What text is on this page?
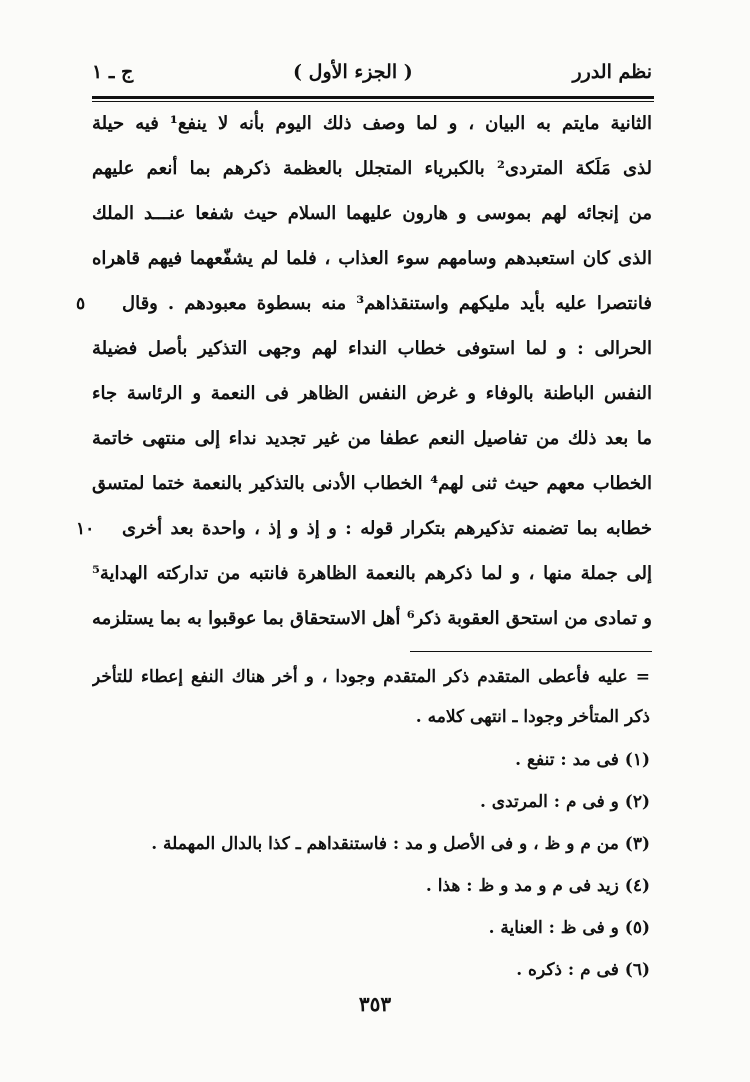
نظم الدرر
( الجزء الأول )
ج ـ ١
الثانية مايتم به البيان ، و لما وصف ذلك اليوم بأنه لا ينفع¹ فيه حيلة
لذى مَلَكة المتردى² بالكبرياء المتجلل بالعظمة ذكرهم بما أنعم عليهم
من إنجائه لهم بموسى و هارون عليهما السلام حيث شفعا عنـــد الملك
الذى كان استعبدهم وسامهم سوء العذاب ، فلما لم يشفّعهما فيهم قاهراه
فانتصرا عليه بأيد مليكهم واستنقذاهم³ منه بسطوة معبودهم . وقال
٥
الحرالى : و لما استوفى خطاب النداء لهم وجهى التذكير بأصل فضيلة
النفس الباطنة بالوفاء و غرض النفس الظاهر فى النعمة و الرئاسة جاء
ما بعد ذلك من تفاصيل النعم عطفا من غير تجديد نداء إلى منتهى خاتمة
الخطاب معهم حيث ثنى لهم⁴ الخطاب الأدنى بالتذكير بالنعمة ختما لمتسق
خطابه بما تضمنه تذكيرهم بتكرار قوله : و إذ و إذ ، واحدة بعد أخرى
١٠
إلى جملة منها ، و لما ذكرهم بالنعمة الظاهرة فانتبه من تداركته الهداية⁵
و تمادى من استحق العقوبة ذكر⁶ أهل الاستحقاق بما عوقبوا به بما يستلزمه
= عليه فأعطى المتقدم ذكر المتقدم وجودا ، و أخر هناك النفع إعطاء للتأخر
ذكر المتأخر وجودا ـ انتهى كلامه .
(١) فى مد : تنفع .
(٢) و فى م : المرتدى .
(٣) من م و ظ ، و فى الأصل و مد : فاستنقداهم ـ كذا بالدال المهملة .
(٤) زيد فى م و مد و ظ : هذا .
(٥) و فى ظ : العناية .
(٦) فى م : ذكره .
٣٥٣
